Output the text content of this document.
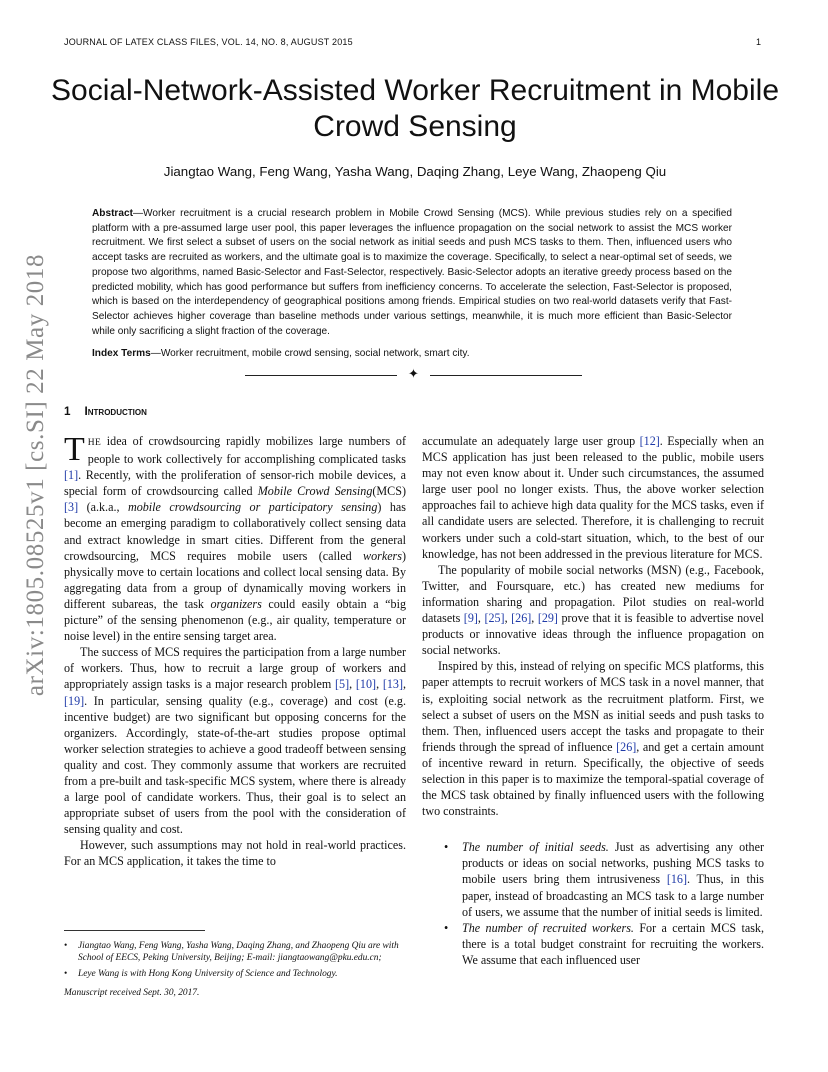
arXiv:1805.08525v1 [cs.SI] 22 May 2018
JOURNAL OF LATEX CLASS FILES, VOL. 14, NO. 8, AUGUST 2015	1
Social-Network-Assisted Worker Recruitment in Mobile Crowd Sensing
Jiangtao Wang, Feng Wang, Yasha Wang, Daqing Zhang, Leye Wang, Zhaopeng Qiu
Abstract—Worker recruitment is a crucial research problem in Mobile Crowd Sensing (MCS). While previous studies rely on a specified platform with a pre-assumed large user pool, this paper leverages the influence propagation on the social network to assist the MCS worker recruitment. We first select a subset of users on the social network as initial seeds and push MCS tasks to them. Then, influenced users who accept tasks are recruited as workers, and the ultimate goal is to maximize the coverage. Specifically, to select a near-optimal set of seeds, we propose two algorithms, named Basic-Selector and Fast-Selector, respectively. Basic-Selector adopts an iterative greedy process based on the predicted mobility, which has good performance but suffers from inefficiency concerns. To accelerate the selection, Fast-Selector is proposed, which is based on the interdependency of geographical positions among friends. Empirical studies on two real-world datasets verify that Fast-Selector achieves higher coverage than baseline methods under various settings, meanwhile, it is much more efficient than Basic-Selector while only sacrificing a slight fraction of the coverage.
Index Terms—Worker recruitment, mobile crowd sensing, social network, smart city.
✦
1 Introduction

THE idea of crowdsourcing rapidly mobilizes large numbers of people to work collectively for accomplishing complicated tasks [1]. Recently, with the proliferation of sensor-rich mobile devices, a special form of crowdsourcing called Mobile Crowd Sensing(MCS) [3] (a.k.a., mobile crowdsourcing or participatory sensing) has become an emerging paradigm to collaboratively collect sensing data and extract knowledge in smart cities. Different from the general crowdsourcing, MCS requires mobile users (called workers) physically move to certain locations and collect local sensing data. By aggregating data from a group of dynamically moving workers in different subareas, the task organizers could easily obtain a “big picture” of the sensing phenomenon (e.g., air quality, temperature or noise level) in the entire sensing target area.

The success of MCS requires the participation from a large number of workers. Thus, how to recruit a large group of workers and appropriately assign tasks is a major research problem [5], [10], [13], [19]. In particular, sensing quality (e.g., coverage) and cost (e.g. incentive budget) are two significant but opposing concerns for the organizers. Accordingly, state-of-the-art studies propose optimal worker selection strategies to achieve a good tradeoff between sensing quality and cost. They commonly assume that workers are recruited from a pre-built and task-specific MCS system, where there is already a large pool of candidate workers. Thus, their goal is to select an appropriate subset of users from the pool with the consideration of sensing quality and cost.

However, such assumptions may not hold in real-world practices. For an MCS application, it takes the time to

accumulate an adequately large user group [12]. Especially when an MCS application has just been released to the public, mobile users may not even know about it. Under such circumstances, the assumed large user pool no longer exists. Thus, the above worker selection approaches fail to achieve high data quality for the MCS tasks, even if all candidate users are selected. Therefore, it is challenging to recruit workers under such a cold-start situation, which, to the best of our knowledge, has not been addressed in the previous literature for MCS.

The popularity of mobile social networks (MSN) (e.g., Facebook, Twitter, and Foursquare, etc.) has created new mediums for information sharing and propagation. Pilot studies on real-world datasets [9], [25], [26], [29] prove that it is feasible to advertise novel products or innovative ideas through the influence propagation on social networks.

Inspired by this, instead of relying on specific MCS platforms, this paper attempts to recruit workers of MCS task in a novel manner, that is, exploiting social network as the recruitment platform. First, we select a subset of users on the MSN as initial seeds and push tasks to them. Then, influenced users accept the tasks and propagate to their friends through the spread of influence [26], and get a certain amount of incentive reward in return. Specifically, the objective of seeds selection in this paper is to maximize the temporal-spatial coverage of the MCS task obtained by finally influenced users with the following two constraints.

• The number of initial seeds. Just as advertising any other products or ideas on social networks, pushing MCS tasks to mobile users bring them intrusiveness [16]. Thus, in this paper, instead of broadcasting an MCS task to a large number of users, we assume that the number of initial seeds is limited.
• The number of recruited workers. For a certain MCS task, there is a total budget constraint for recruiting the workers. We assume that each influenced user
• Jiangtao Wang, Feng Wang, Yasha Wang, Daqing Zhang, and Zhaopeng Qiu are with School of EECS, Peking University, Beijing; E-mail: jiangtaowang@pku.edu.cn;
• Leye Wang is with Hong Kong University of Science and Technology.
Manuscript received Sept. 30, 2017.
